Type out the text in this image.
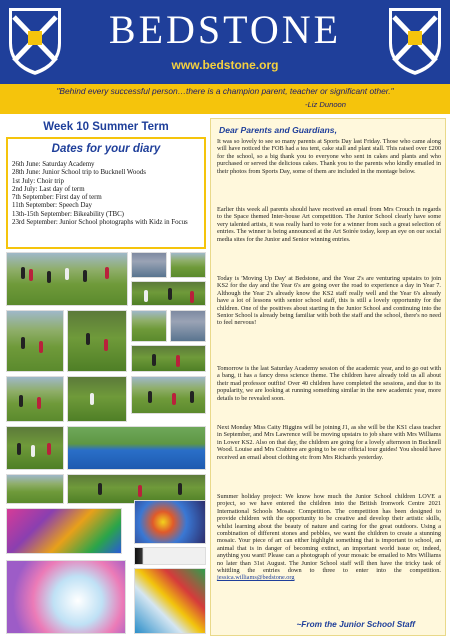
BEDSTONE
www.bedstone.org
"Behind every successful person…there is a champion parent, teacher or significant other."
-Liz Dunoon
Week 10 Summer Term
Dates for your diary
26th June: Saturday Academy
28th June: Junior School trip to Bucknell Woods
1st July: Choir trip
2nd July: Last day of term
7th September: First day of term
11th September: Speech Day
13th-15th September: Bikeability (TBC)
23rd September: Junior School photographs with Kidz in Focus
Dear Parents and Guardians,

It was so lovely to see so many parents at Sports Day last Friday. Those who came along will have noticed the FOB had a tea tent, cake stall and plant stall. This raised over £200 for the school, so a big thank you to everyone who sent in cakes and plants and who purchased or served the delicious cakes. Thank you to the parents who kindly emailed in their photos from Sports Day, some of them are included in the montage below.

Earlier this week all parents should have received an email from Mrs Crouch in regards to the Space themed Inter-house Art competition. The Junior School clearly have some very talented artists, it was really hard to vote for a winner from such a great selection of entries. The winner is being announced at the Art Soirée today, keep an eye on our social media sites for the Junior and Senior winning entries.

Today is 'Moving Up Day' at Bedstone, and the Year 2's are venturing upstairs to join KS2 for the day and the Year 6's are going over the road to experience a day in Year 7. Although the Year 2's already know the KS2 staff really well and the Year 6's already have a lot of lessons with senior school staff, this is still a lovely opportunity for the children. One of the positives about starting in the Junior School and continuing into the Senior School is already being familiar with both the staff and the school, there's no need to feel nervous!

Tomorrow is the last Saturday Academy session of the academic year, and to go out with a bang, it has a fancy dress science theme. The children have already told us all about their mad professor outfits! Over 40 children have completed the sessions, and due to its popularity, we are looking at running something similar in the new academic year, more details to be revealed soon.

Next Monday Miss Caity Higgins will be joining J1, as she will be the KS1 class teacher in September, and Mrs Lawrence will be moving upstairs to job share with Mrs Williams in Lower KS2. Also on that day, the children are going for a lovely afternoon in Bucknell Wood. Louise and Mrs Crabtree are going to be our official tour guides! You should have received an email about clothing etc from Mrs Richards yesterday.

Summer holiday project: We know how much the Junior School children LOVE a project, so we have entered the children into the British Ironwork Centre 2021 International Schools Mosaic Competition. The competition has been designed to provide children with the opportunity to be creative and develop their artistic skills, whilst learning about the beauty of nature and caring for the great outdoors. Using a combination of different stones and pebbles, we want the children to create a stunning mosaic. Your piece of art can either highlight something that is important to school, an animal that is in danger of becoming extinct, an important world issue or, indeed, anything you want! Please can a photograph of your mosaic be emailed to Mrs Williams no later than 31st August. The Junior School staff will then have the tricky task of whittling the entries down to three to enter into the competition. jessica.williams@bedstone.org

~From the Junior School Staff
